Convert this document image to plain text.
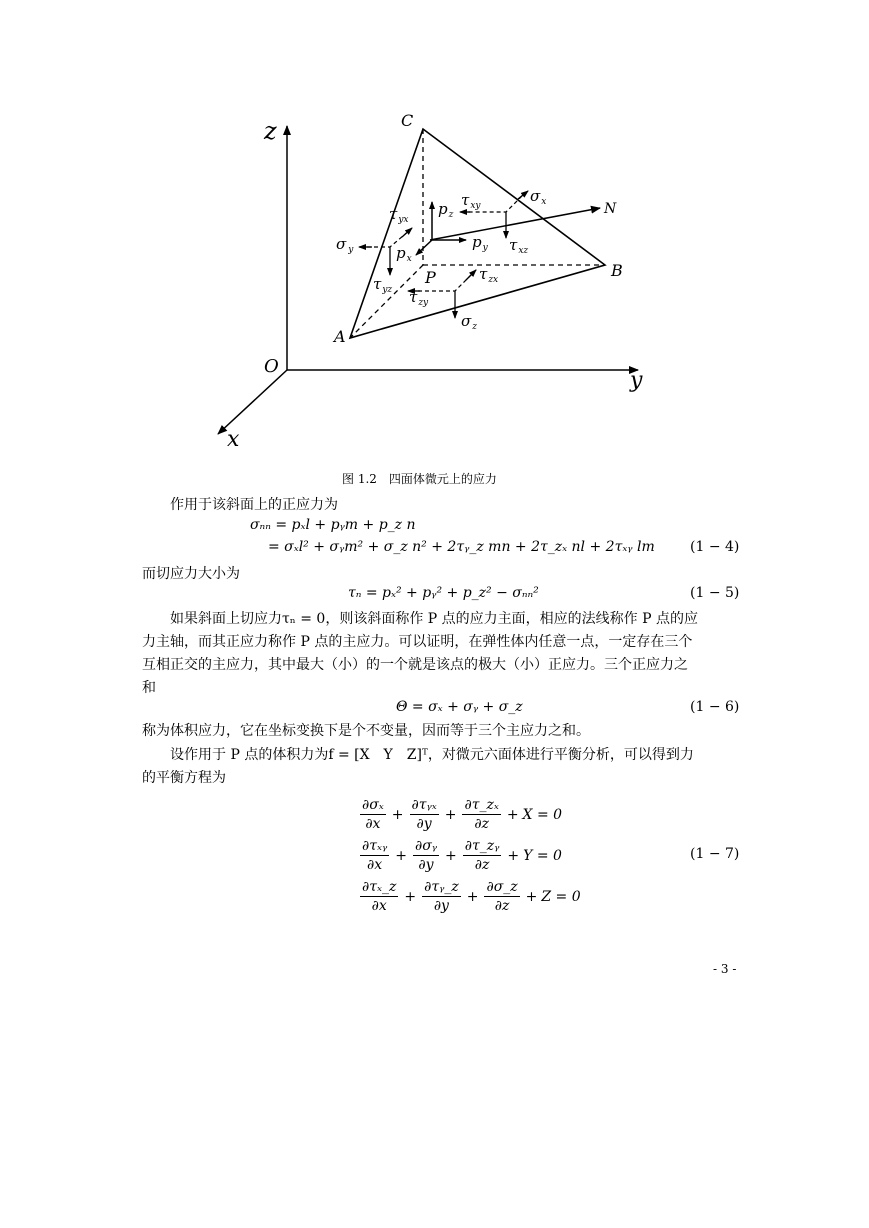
z
y
x
O
C
A
B
P
N
$\sigma_x$
$\tau_{xy}$
$\tau_{xz}$
$p_z$
$p_y$
$p_x$
$\tau_{yx}$
σ $_y$
$\tau_{yz}$
$\tau_{zx}$
$\tau_{zy}$
$\sigma_z$
图 1.2　四面体微元上的应力
作用于该斜面上的正应力为
σₙₙ = pₓl + pᵧm + p_z n
= σₓl² + σᵧm² + σ_z n² + 2τᵧ_z mn + 2τ_zₓ nl + 2τₓᵧ lm	(1 − 4)
而切应力大小为
τₙ = pₓ² + pᵧ² + p_z² − σₙₙ²	(1 − 5)
如果斜面上切应力τₙ = 0，则该斜面称作 P 点的应力主面，相应的法线称作 P 点的应
力主轴，而其正应力称作 P 点的主应力。可以证明，在弹性体内任意一点，一定存在三个
互相正交的主应力，其中最大（小）的一个就是该点的极大（小）正应力。三个正应力之
和
Θ = σₓ + σᵧ + σ_z	(1 − 6)
称为体积应力，它在坐标变换下是个不变量，因而等于三个主应力之和。
设作用于 P 点的体积力为f = [X　Y　Z]ᵀ，对微元六面体进行平衡分析，可以得到力
的平衡方程为
$\frac{\text{∂σₓ}}{\partial x} + \frac{\text{∂τᵧₓ}}{\partial y} + \frac{\text{∂τ\_zₓ}}{\partial z} + X = 0$
$\frac{\text{∂τₓᵧ}}{\partial x} + \frac{\text{∂σᵧ}}{\partial y} + \frac{\text{∂τ\_zᵧ}}{\partial z} + Y = 0$
$\frac{\text{∂τₓ\_z}}{\partial x} + \frac{\text{∂τᵧ\_z}}{\partial y} + \frac{\partial\sigma\_z}{\partial z} + Z = 0$
(1 − 7)
- 3 -
